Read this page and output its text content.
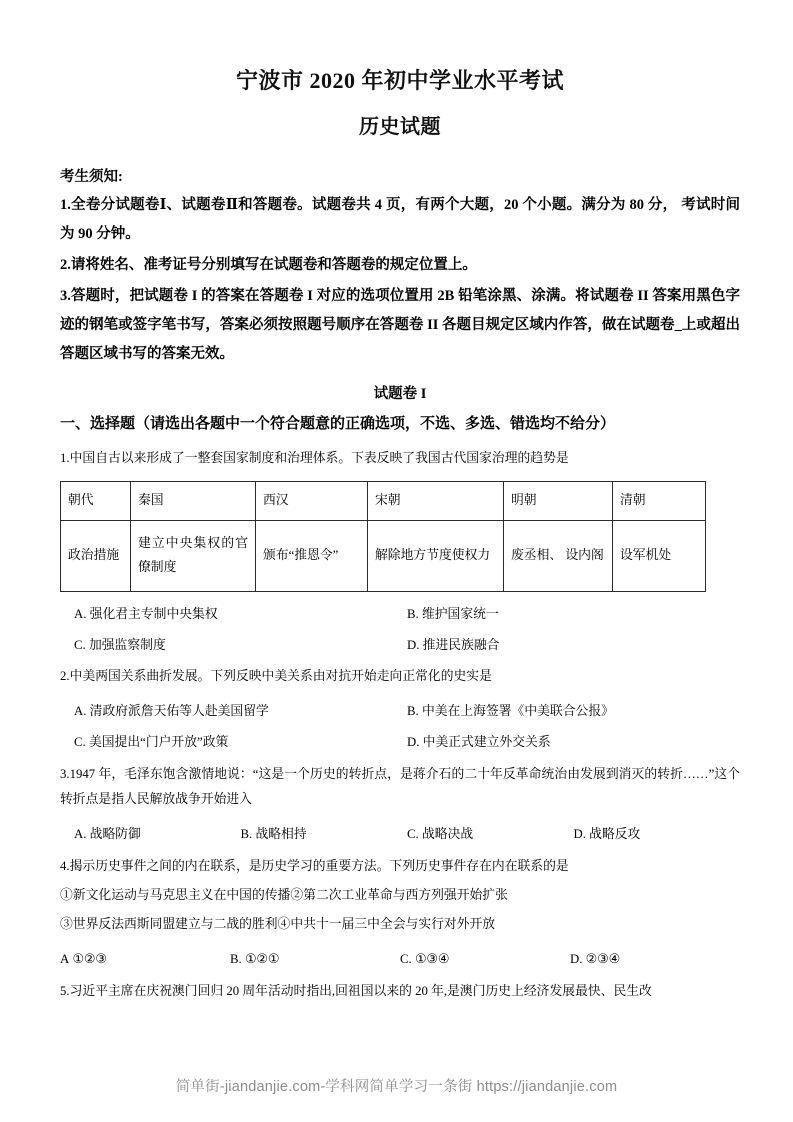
宁波市 2020 年初中学业水平考试
历史试题
考生须知:
1.全卷分试题卷Ⅰ、试题卷Ⅱ和答题卷。试题卷共 4 页，有两个大题，20 个小题。满分为 80 分， 考试时间为 90 分钟。
2.请将姓名、准考证号分别填写在试题卷和答题卷的规定位置上。
3.答题时，把试题卷 I 的答案在答题卷 I 对应的选项位置用 2B 铅笔涂黑、涂满。将试题卷 II 答案用黑色字迹的钢笔或签字笔书写，答案必须按照题号顺序在答题卷 II 各题目规定区域内作答，做在试题卷_上或超出答题区域书写的答案无效。
试题卷 I
一、选择题（请选出各题中一个符合题意的正确选项，不选、多选、错选均不给分）
1.中国自古以来形成了一整套国家制度和治理体系。下表反映了我国古代国家治理的趋势是
朝代	秦国	西汉	宋朝	明朝	清朝
政治措施	建立中央集权的官僚制度	颁布“推恩令”	解除地方节度使权力	废丞相、 设内阁	设军机处
A. 强化君主专制中央集权	B. 维护国家统一
C. 加强监察制度	D. 推进民族融合
2.中美两国关系曲折发展。下列反映中美关系由对抗开始走向正常化的史实是
A. 清政府派詹天佑等人赴美国留学	B. 中美在上海签署《中美联合公报》
C. 美国提出“门户开放”政策	D. 中美正式建立外交关系
3.1947 年，毛泽东饱含激情地说：“这是一个历史的转折点，是蒋介石的二十年反革命统治由发展到消灭的转折……”这个转折点是指人民解放战争开始进入
A. 战略防御	B. 战略相持	C. 战略决战	D. 战略反攻
4.揭示历史事件之间的内在联系，是历史学习的重要方法。下列历史事件存在内在联系的是
①新文化运动与马克思主义在中国的传播②第二次工业革命与西方列强开始扩张
③世界反法西斯同盟建立与二战的胜利④中共十一届三中全会与实行对外开放
A ①②③	B. ①②①	C. ①③④	D. ②③④
5.习近平主席在庆祝澳门回归 20 周年活动时指出,回祖国以来的 20 年,是澳门历史上经济发展最快、民生改
简单街-jiandanjie.com-学科网简单学习一条街 https://jiandanjie.com
